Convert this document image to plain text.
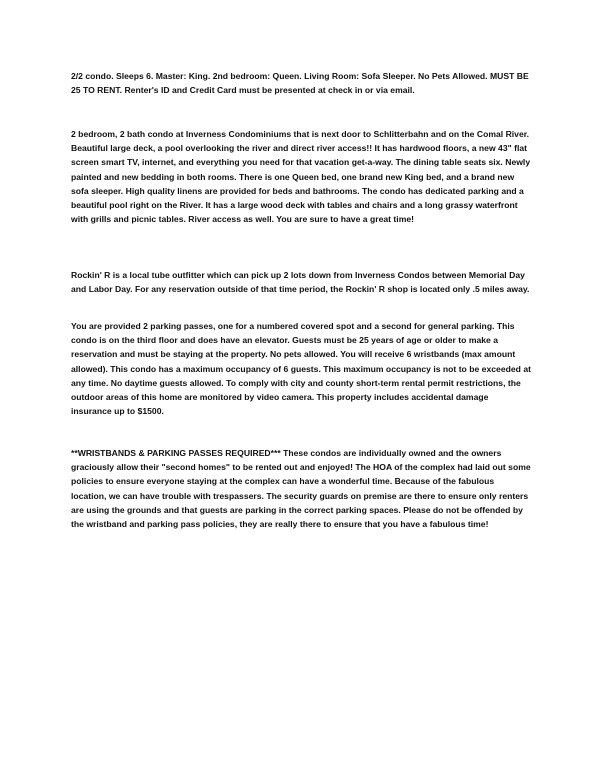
2/2 condo. Sleeps 6. Master: King. 2nd bedroom: Queen. Living Room: Sofa Sleeper. No Pets Allowed. MUST BE 25 TO RENT. Renter's ID and Credit Card must be presented at check in or via email.

2 bedroom, 2 bath condo at Inverness Condominiums that is next door to Schlitterbahn and on the Comal River. Beautiful large deck, a pool overlooking the river and direct river access!! It has hardwood floors, a new 43" flat screen smart TV, internet, and everything you need for that vacation get-a-way. The dining table seats six. Newly painted and new bedding in both rooms. There is one Queen bed, one brand new King bed, and a brand new sofa sleeper. High quality linens are provided for beds and bathrooms. The condo has dedicated parking and a beautiful pool right on the River. It has a large wood deck with tables and chairs and a long grassy waterfront with grills and picnic tables. River access as well. You are sure to have a great time!

Rockin' R is a local tube outfitter which can pick up 2 lots down from Inverness Condos between Memorial Day and Labor Day. For any reservation outside of that time period, the Rockin' R shop is located only .5 miles away.

You are provided 2 parking passes, one for a numbered covered spot and a second for general parking. This condo is on the third floor and does have an elevator. Guests must be 25 years of age or older to make a reservation and must be staying at the property. No pets allowed. You will receive 6 wristbands (max amount allowed). This condo has a maximum occupancy of 6 guests. This maximum occupancy is not to be exceeded at any time. No daytime guests allowed. To comply with city and county short-term rental permit restrictions, the outdoor areas of this home are monitored by video camera. This property includes accidental damage insurance up to $1500.

**WRISTBANDS & PARKING PASSES REQUIRED*** These condos are individually owned and the owners graciously allow their "second homes" to be rented out and enjoyed! The HOA of the complex had laid out some policies to ensure everyone staying at the complex can have a wonderful time. Because of the fabulous location, we can have trouble with trespassers. The security guards on premise are there to ensure only renters are using the grounds and that guests are parking in the correct parking spaces. Please do not be offended by the wristband and parking pass policies, they are really there to ensure that you have a fabulous time!
